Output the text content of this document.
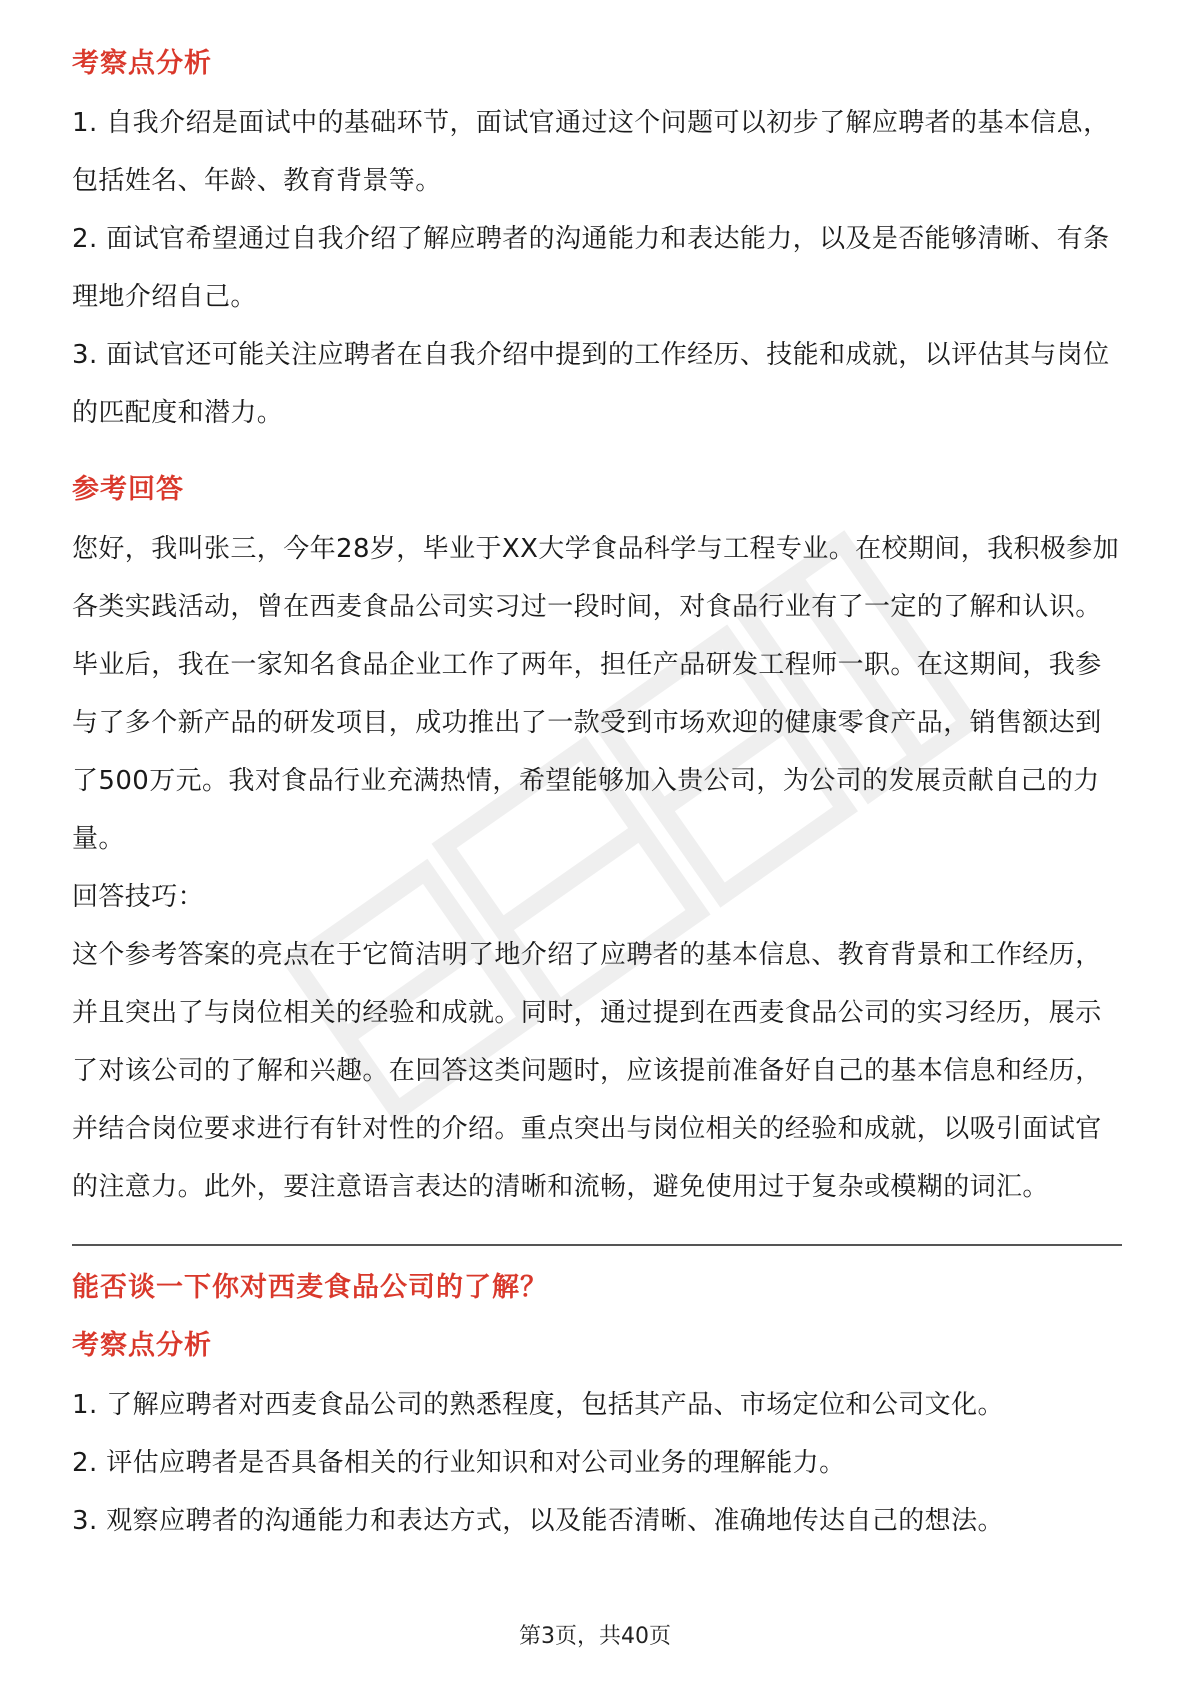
考察点分析

1. 自我介绍是面试中的基础环节，面试官通过这个问题可以初步了解应聘者的基本信息，包括姓名、年龄、教育背景等。

2. 面试官希望通过自我介绍了解应聘者的沟通能力和表达能力，以及是否能够清晰、有条理地介绍自己。

3. 面试官还可能关注应聘者在自我介绍中提到的工作经历、技能和成就，以评估其与岗位的匹配度和潜力。

参考回答

您好，我叫张三，今年28岁，毕业于XX大学食品科学与工程专业。在校期间，我积极参加各类实践活动，曾在西麦食品公司实习过一段时间，对食品行业有了一定的了解和认识。毕业后，我在一家知名食品企业工作了两年，担任产品研发工程师一职。在这期间，我参与了多个新产品的研发项目，成功推出了一款受到市场欢迎的健康零食产品，销售额达到了500万元。我对食品行业充满热情，希望能够加入贵公司，为公司的发展贡献自己的力量。

回答技巧：

这个参考答案的亮点在于它简洁明了地介绍了应聘者的基本信息、教育背景和工作经历，并且突出了与岗位相关的经验和成就。同时，通过提到在西麦食品公司的实习经历，展示了对该公司的了解和兴趣。在回答这类问题时，应该提前准备好自己的基本信息和经历，并结合岗位要求进行有针对性的介绍。重点突出与岗位相关的经验和成就，以吸引面试官的注意力。此外，要注意语言表达的清晰和流畅，避免使用过于复杂或模糊的词汇。

能否谈一下你对西麦食品公司的了解？
考察点分析

1. 了解应聘者对西麦食品公司的熟悉程度，包括其产品、市场定位和公司文化。

2. 评估应聘者是否具备相关的行业知识和对公司业务的理解能力。

3. 观察应聘者的沟通能力和表达方式，以及能否清晰、准确地传达自己的想法。

第3页，共40页
